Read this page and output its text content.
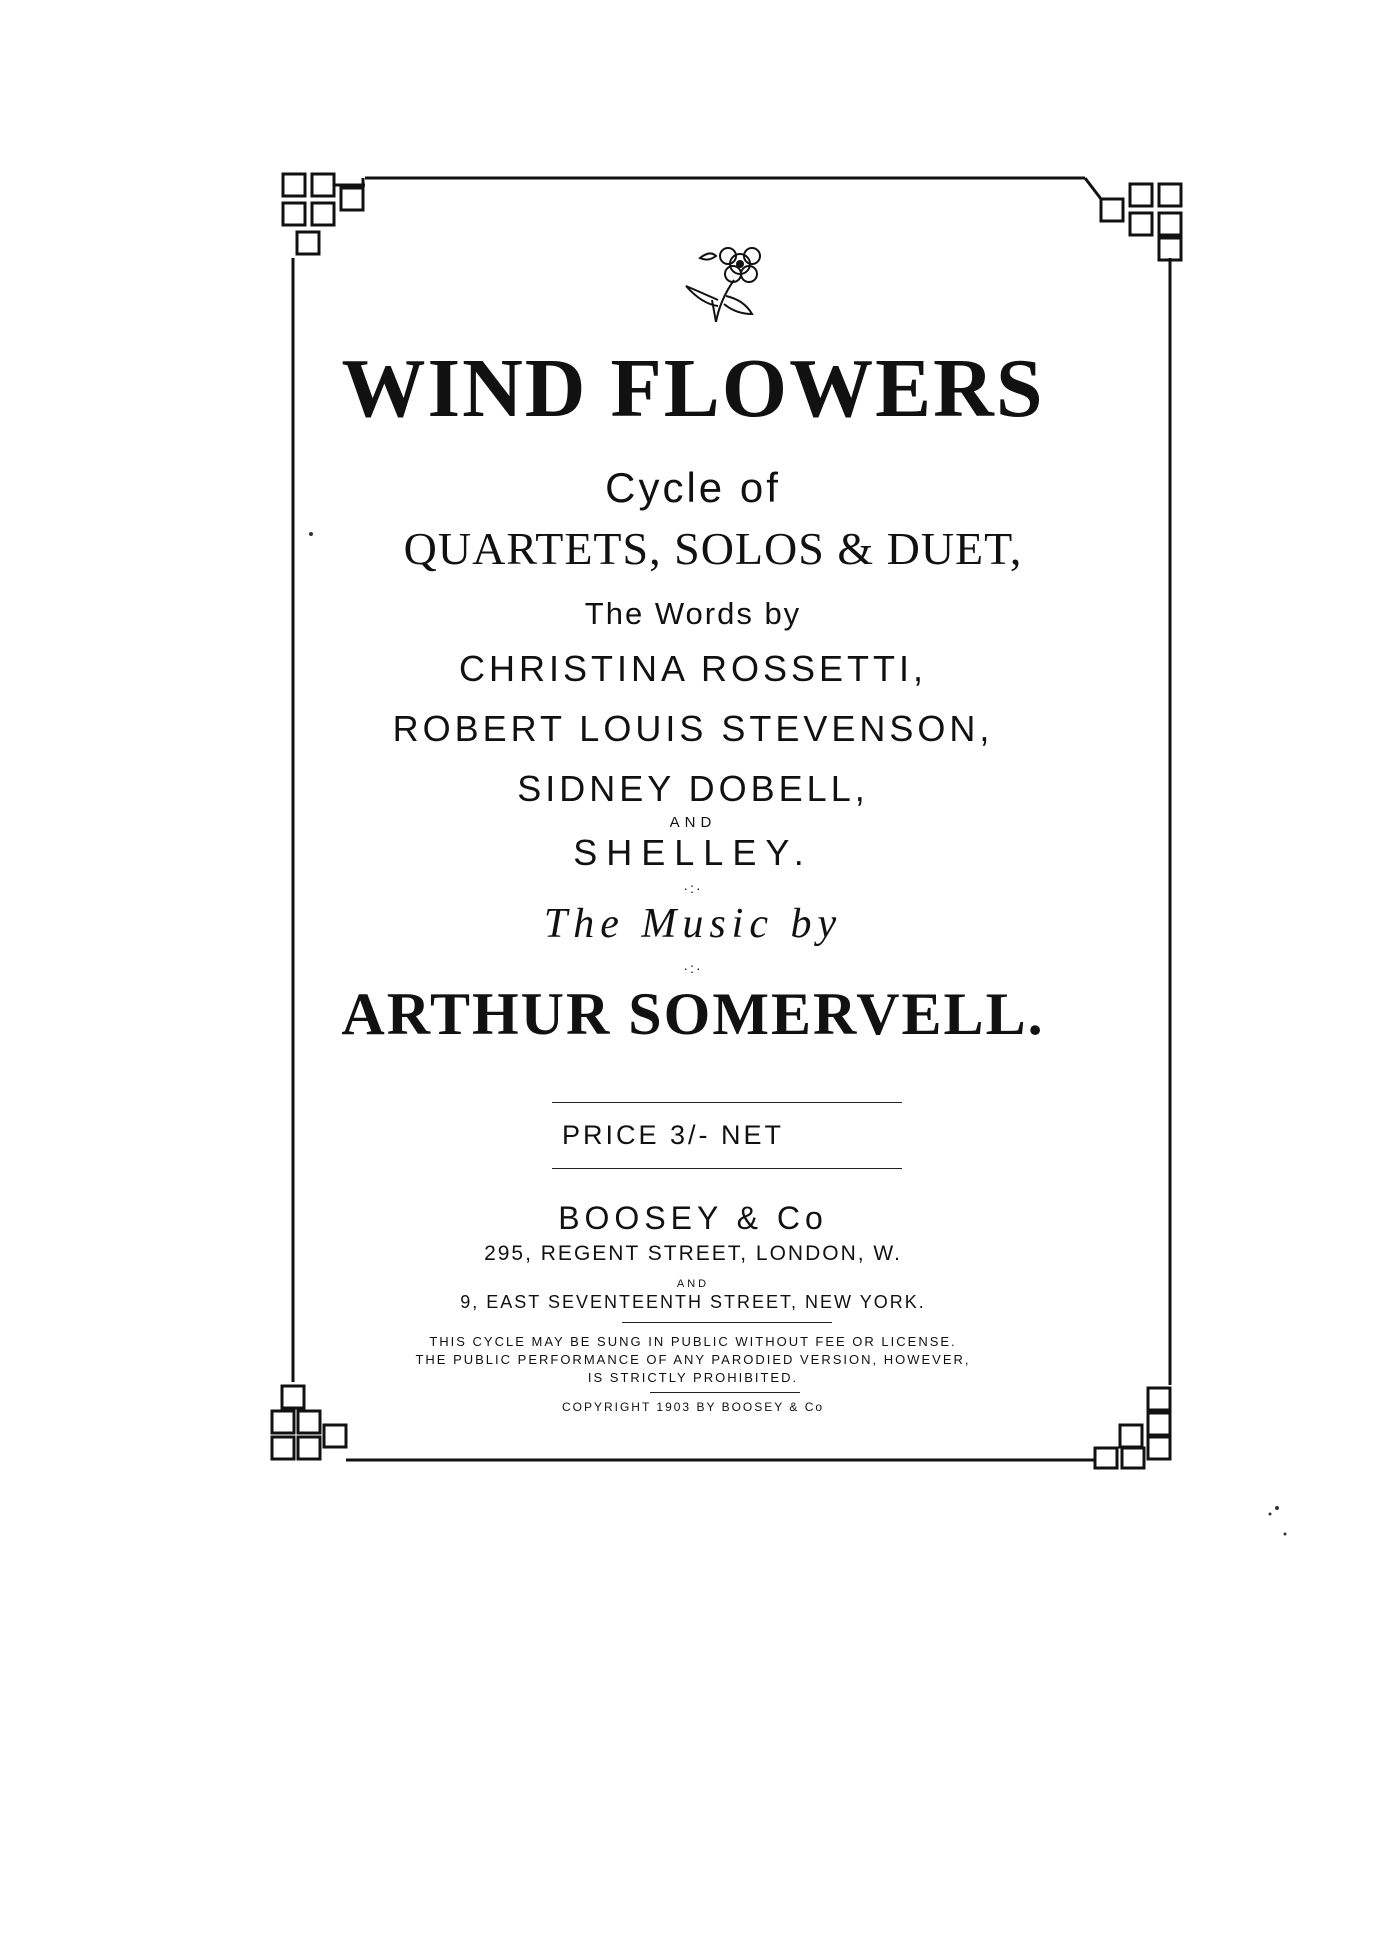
WIND FLOWERS
Cycle of
QUARTETS, SOLOS & DUET,
The Words by
CHRISTINA ROSSETTI,
ROBERT LOUIS STEVENSON,
SIDNEY DOBELL,
AND
SHELLEY.
·:·
The Music by
·:·
ARTHUR SOMERVELL.
PRICE 3/- NET
BOOSEY & Co
295, REGENT STREET, LONDON, W.
AND
9, EAST SEVENTEENTH STREET, NEW YORK.
THIS CYCLE MAY BE SUNG IN PUBLIC WITHOUT FEE OR LICENSE.
THE PUBLIC PERFORMANCE OF ANY PARODIED VERSION, HOWEVER,
IS STRICTLY PROHIBITED.
COPYRIGHT 1903 BY BOOSEY & Co
